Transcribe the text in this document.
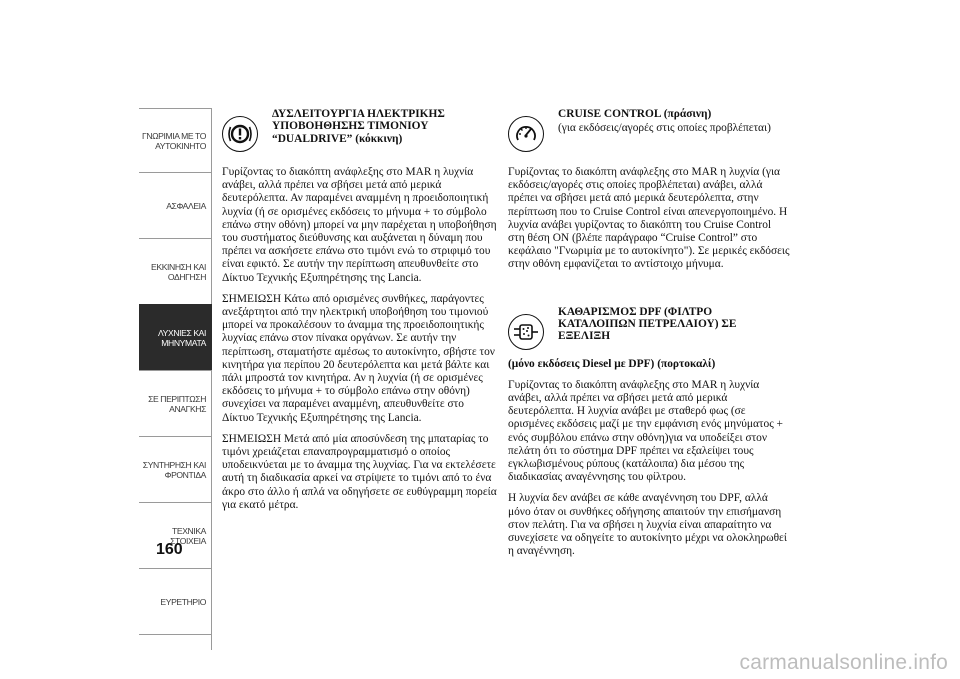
ΓΝΩΡΙΜΙΑ ΜΕ ΤΟ
ΑΥΤΟΚΙΝΗΤΟ
ΑΣΦΑΛΕΙΑ
ΕΚΚΙΝΗΣΗ ΚΑΙ
ΟΔΗΓΗΣΗ
ΛΥΧΝΙΕΣ ΚΑΙ
ΜΗΝΥΜΑΤΑ
ΣΕ ΠΕΡΙΠΤΩΣΗ
ΑΝΑΓΚΗΣ
ΣΥΝΤΗΡΗΣΗ ΚΑΙ
ΦΡΟΝΤΙΔΑ
ΤΕΧΝΙΚΑ ΣΤΟΙΧΕΙΑ
ΕΥΡΕΤΗΡΙΟ
160
ΔΥΣΛΕΙΤΟΥΡΓΙΑ ΗΛΕΚΤΡΙΚΗΣ ΥΠΟΒΟΗΘΗΣΗΣ ΤΙΜΟΝΙΟΥ “DUALDRIVE” (κόκκινη)

Γυρίζοντας το διακόπτη ανάφλεξης στο MAR η λυχνία ανάβει, αλλά πρέπει να σβήσει μετά από μερικά δευτερόλεπτα. Αν παραμένει αναμμένη η προειδοποιητική λυχνία (ή σε ορισμένες εκδόσεις το μήνυμα + το σύμβολο επάνω στην οθόνη) μπορεί να μην παρέχεται η υποβοήθηση του συστήματος διεύθυνσης και αυξάνεται η δύναμη που πρέπει να ασκήσετε επάνω στο τιμόνι ενώ το στριφιμό του είναι εφικτό. Σε αυτήν την περίπτωση απευθυνθείτε στο Δίκτυο Τεχνικής Εξυπηρέτησης της Lancia.

ΣΗΜΕΙΩΣΗ Κάτω από ορισμένες συνθήκες, παράγοντες ανεξάρτητοι από την ηλεκτρική υποβοήθηση του τιμονιού μπορεί να προκαλέσουν το άναμμα της προειδοποιητικής λυχνίας επάνω στον πίνακα οργάνων. Σε αυτήν την περίπτωση, σταματήστε αμέσως το αυτοκίνητο, σβήστε τον κινητήρα για περίπου 20 δευτερόλεπτα και μετά βάλτε και πάλι μπροστά τον κινητήρα. Αν η λυχνία (ή σε ορισμένες εκδόσεις το μήνυμα + το σύμβολο επάνω στην οθόνη) συνεχίσει να παραμένει αναμμένη, απευθυνθείτε στο Δίκτυο Τεχνικής Εξυπηρέτησης της Lancia.

ΣΗΜΕΙΩΣΗ Μετά από μία αποσύνδεση της μπαταρίας το τιμόνι χρειάζεται επαναπρογραμματισμό ο οποίος υποδεικνύεται με το άναμμα της λυχνίας. Για να εκτελέσετε αυτή τη διαδικασία αρκεί να στρίψετε το τιμόνι από το ένα άκρο στο άλλο ή απλά να οδηγήσετε σε ευθύγραμμη πορεία για εκατό μέτρα.

CRUISE CONTROL (πράσινη)
(για εκδόσεις/αγορές στις οποίες προβλέπεται)

Γυρίζοντας το διακόπτη ανάφλεξης στο MAR η λυχνία (για εκδόσεις/αγορές στις οποίες προβλέπεται) ανάβει, αλλά πρέπει να σβήσει μετά από μερικά δευτερόλεπτα, στην περίπτωση που το Cruise Control είναι απενεργοποιημένο. Η λυχνία ανάβει γυρίζοντας το διακόπτη του Cruise Control στη θέση ON (βλέπε παράγραφο “Cruise Control” στο κεφάλαιο "Γνωριμία με το αυτοκίνητο"). Σε μερικές εκδόσεις στην οθόνη εμφανίζεται το αντίστοιχο μήνυμα.

ΚΑΘΑΡΙΣΜΟΣ DPF (ΦΙΛΤΡΟ ΚΑΤΑΛΟΙΠΩΝ ΠΕΤΡΕΛΑΙΟΥ) ΣΕ ΕΞΕΛΙΞΗ

(μόνο εκδόσεις Diesel με DPF) (πορτοκαλί)

Γυρίζοντας το διακόπτη ανάφλεξης στο MAR η λυχνία ανάβει, αλλά πρέπει να σβήσει μετά από μερικά δευτερόλεπτα. Η λυχνία ανάβει με σταθερό φως (σε ορισμένες εκδόσεις μαζί με την εμφάνιση ενός μηνύματος + ενός συμβόλου επάνω στην οθόνη)για να υποδείξει στον πελάτη ότι το σύστημα DPF πρέπει να εξαλείψει τους εγκλωβισμένους ρύπους (κατάλοιπα) δια μέσου της διαδικασίας αναγέννησης του φίλτρου.

Η λυχνία δεν ανάβει σε κάθε αναγέννηση του DPF, αλλά μόνο όταν οι συνθήκες οδήγησης απαιτούν την επισήμανση στον πελάτη. Για να σβήσει η λυχνία είναι απαραίτητο να συνεχίσετε να οδηγείτε το αυτοκίνητο μέχρι να ολοκληρωθεί η αναγέννηση.

carmanualsonline.info
